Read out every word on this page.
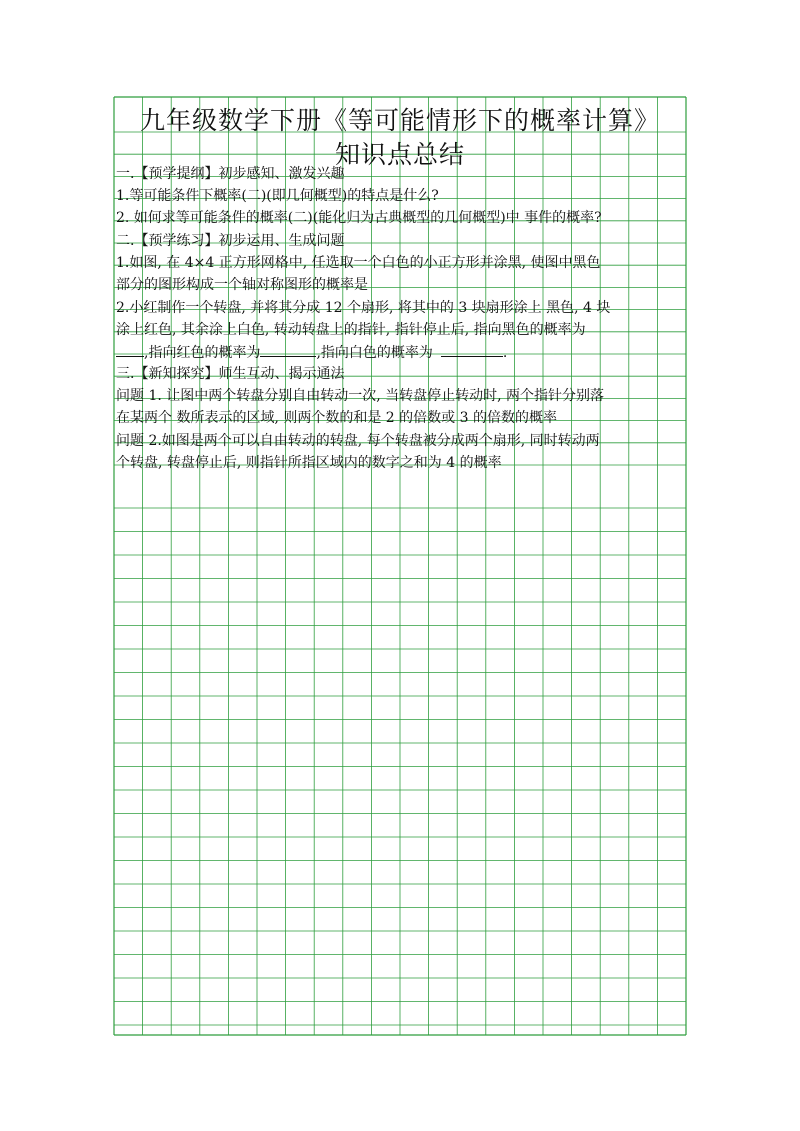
九年级数学下册《等可能情形下的概率计算》
知识点总结
一.【预学提纲】初步感知、激发兴趣
1.等可能条件下概率(二)(即几何概型)的特点是什么?
2. 如何求等可能条件的概率(二)(能化归为古典概型的几何概型)中 事件的概率?
二.【预学练习】初步运用、生成问题
1.如图, 在 4×4 正方形网格中, 任选取一个白色的小正方形并涂黑, 使图中黑色
部分的图形构成一个轴对称图形的概率是
2.小红制作一个转盘, 并将其分成 12 个扇形, 将其中的 3 块扇形涂上 黑色, 4 块
涂上红色, 其余涂上白色, 转动转盘上的指针, 指针停止后, 指向黑色的概率为
,指向红色的概率为	,指向白色的概率为	.
三.【新知探究】师生互动、揭示通法
问题 1. 让图中两个转盘分别自由转动一次, 当转盘停止转动时, 两个指针分别落
在某两个 数所表示的区域, 则两个数的和是 2 的倍数或 3 的倍数的概率
问题 2.如图是两个可以自由转动的转盘, 每个转盘被分成两个扇形, 同时转动两
个转盘, 转盘停止后, 则指针所指区域内的数字之和为 4 的概率
